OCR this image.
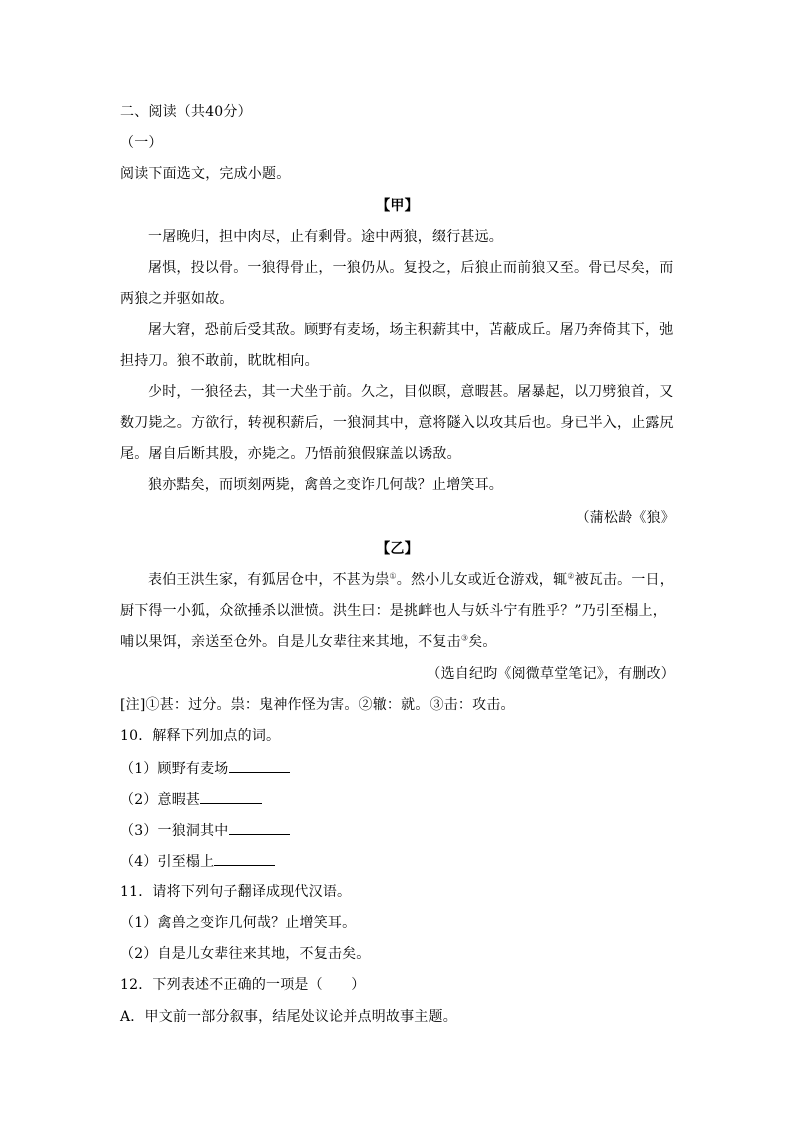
二、阅读（共40分）
（一）
阅读下面选文，完成小题。
【甲】
一屠晚归，担中肉尽，止有剩骨。途中两狼，缀行甚远。
屠惧，投以骨。一狼得骨止，一狼仍从。复投之，后狼止而前狼又至。骨已尽矣，而
两狼之并驱如故。
屠大窘，恐前后受其敌。顾野有麦场，场主积薪其中，苫蔽成丘。屠乃奔倚其下，弛
担持刀。狼不敢前，眈眈相向。
少时，一狼径去，其一犬坐于前。久之，目似瞑，意暇甚。屠暴起，以刀劈狼首，又
数刀毙之。方欲行，转视积薪后，一狼洞其中，意将隧入以攻其后也。身已半入，止露尻
尾。屠自后断其股，亦毙之。乃悟前狼假寐盖以诱敌。
狼亦黠矣，而顷刻两毙，禽兽之变诈几何哉？止增笑耳。
（蒲松龄《狼》
【乙】
表伯王洪生家，有狐居仓中，不甚为祟①。然小儿女或近仓游戏，辄②被瓦击。一日，
厨下得一小狐，众欲捶杀以泄愤。洪生曰：是挑衅也人与妖斗宁有胜乎？”乃引至榻上，
哺以果饵，亲送至仓外。自是儿女辈往来其地，不复击③矣。
（选自纪昀《阅微草堂笔记》，有删改）
[注]①甚：过分。祟：鬼神作怪为害。②辙：就。③击：攻击。
10．解释下列加点的词。
（1）顾野有麦场
（2）意暇甚
（3）一狼洞其中
（4）引至榻上
11．请将下列句子翻译成现代汉语。
（1）禽兽之变诈几何哉？止增笑耳。
（2）自是儿女辈往来其地，不复击矣。
12．下列表述不正确的一项是（　　）
A．甲文前一部分叙事，结尾处议论并点明故事主题。
